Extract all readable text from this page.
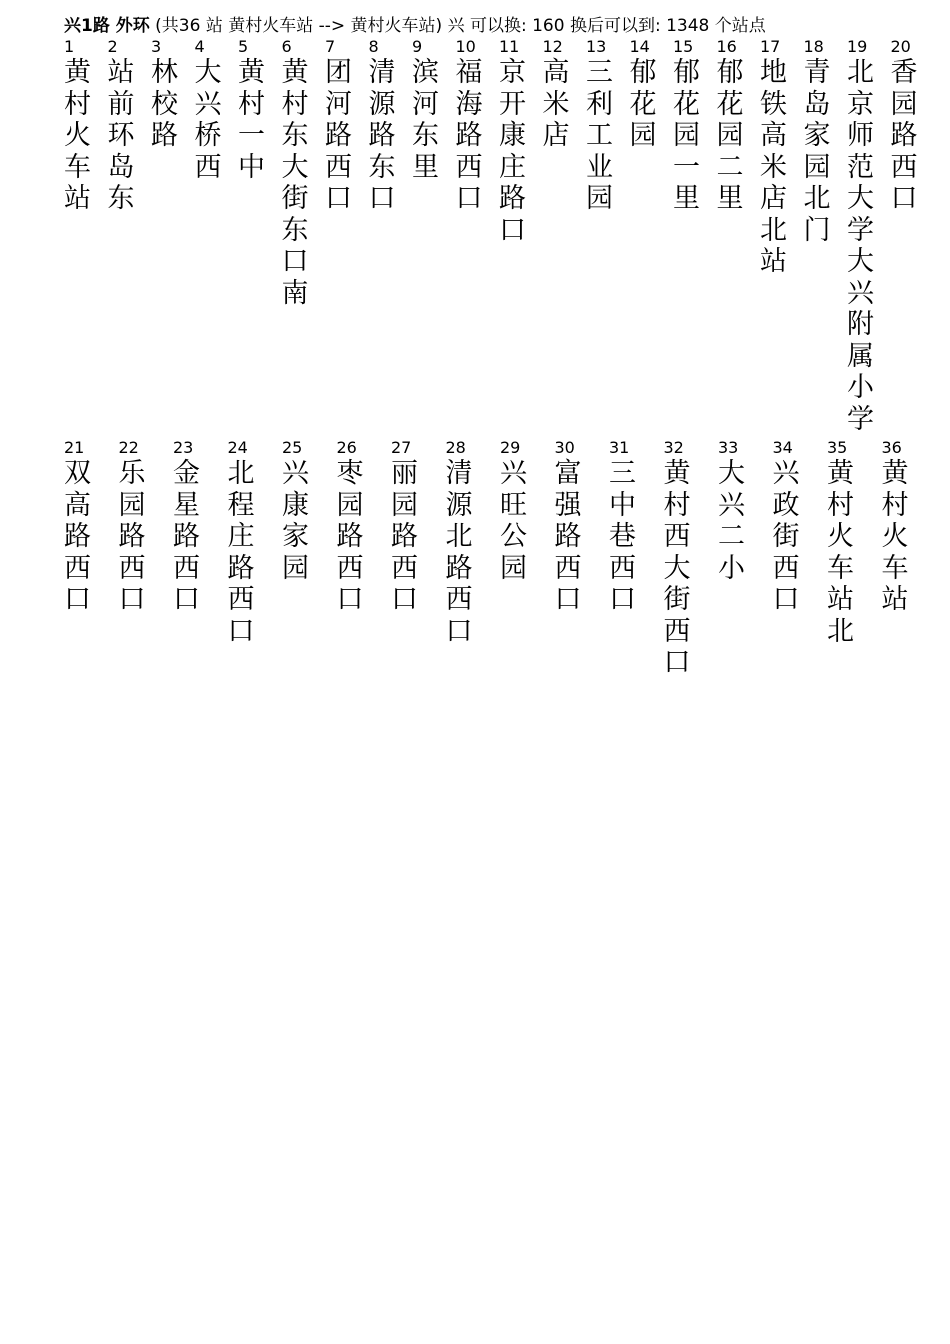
兴1路 外环 (共36 站 黄村火车站 --> 黄村火车站) 兴 可以换: 160 换后可以到: 1348 个站点
1
黄村火车站
2
站前环岛东
3
林校路
4
大兴桥西
5
黄村一中
6
黄村东大街东口南
7
团河路西口
8
清源路东口
9
滨河东里
10
福海路西口
11
京开康庄路口
12
高米店
13
三利工业园
14
郁花园
15
郁花园一里
16
郁花园二里
17
地铁高米店北站
18
青岛家园北门
19
北京师范大学大兴附属小学
20
香园路西口
21
双高路西口
22
乐园路西口
23
金星路西口
24
北程庄路西口
25
兴康家园
26
枣园路西口
27
丽园路西口
28
清源北路西口
29
兴旺公园
30
富强路西口
31
三中巷西口
32
黄村西大街西口
33
大兴二小
34
兴政街西口
35
黄村火车站北
36
黄村火车站
